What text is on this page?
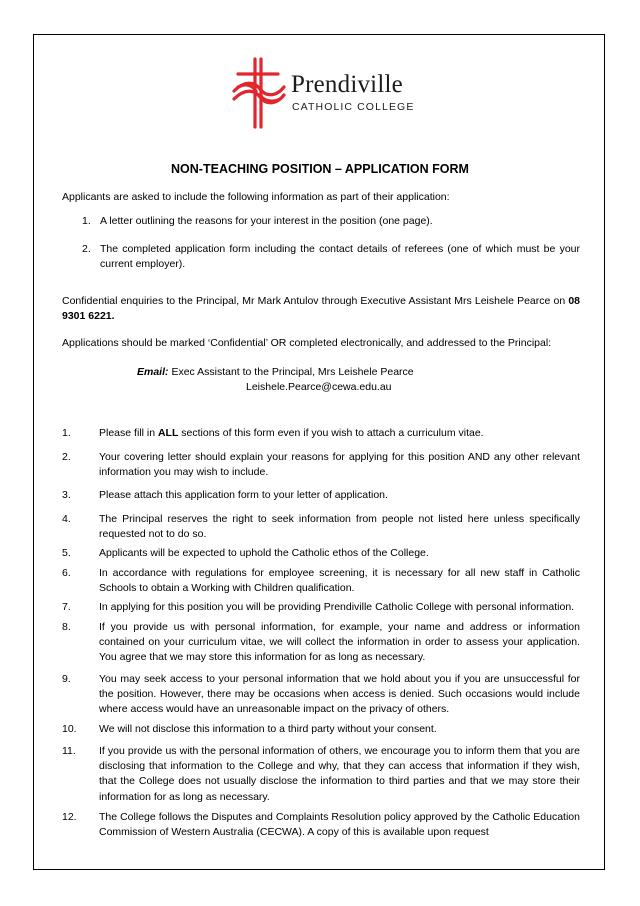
Prendiville
CATHOLIC COLLEGE
NON-TEACHING POSITION – APPLICATION FORM
Applicants are asked to include the following information as part of their application:
1. A letter outlining the reasons for your interest in the position (one page).
2. The completed application form including the contact details of referees (one of which must be your current employer).
Confidential enquiries to the Principal, Mr Mark Antulov through Executive Assistant Mrs Leishele Pearce on 08 9301 6221.
Applications should be marked ‘Confidential’ OR completed electronically, and addressed to the Principal:
Email: Exec Assistant to the Principal, Mrs Leishele Pearce
Leishele.Pearce@cewa.edu.au
1.	Please fill in ALL sections of this form even if you wish to attach a curriculum vitae.
2.	Your covering letter should explain your reasons for applying for this position AND any other relevant information you may wish to include.
3.	Please attach this application form to your letter of application.
4.	The Principal reserves the right to seek information from people not listed here unless specifically requested not to do so.
5.	Applicants will be expected to uphold the Catholic ethos of the College.
6.	In accordance with regulations for employee screening, it is necessary for all new staff in Catholic Schools to obtain a Working with Children qualification.
7.	In applying for this position you will be providing Prendiville Catholic College with personal information.
8.	If you provide us with personal information, for example, your name and address or information contained on your curriculum vitae, we will collect the information in order to assess your application. You agree that we may store this information for as long as necessary.
9.	You may seek access to your personal information that we hold about you if you are unsuccessful for the position. However, there may be occasions when access is denied. Such occasions would include where access would have an unreasonable impact on the privacy of others.
10.	We will not disclose this information to a third party without your consent.
11.	If you provide us with the personal information of others, we encourage you to inform them that you are disclosing that information to the College and why, that they can access that information if they wish, that the College does not usually disclose the information to third parties and that we may store their information for as long as necessary.
12.	The College follows the Disputes and Complaints Resolution policy approved by the Catholic Education Commission of Western Australia (CECWA). A copy of this is available upon request
